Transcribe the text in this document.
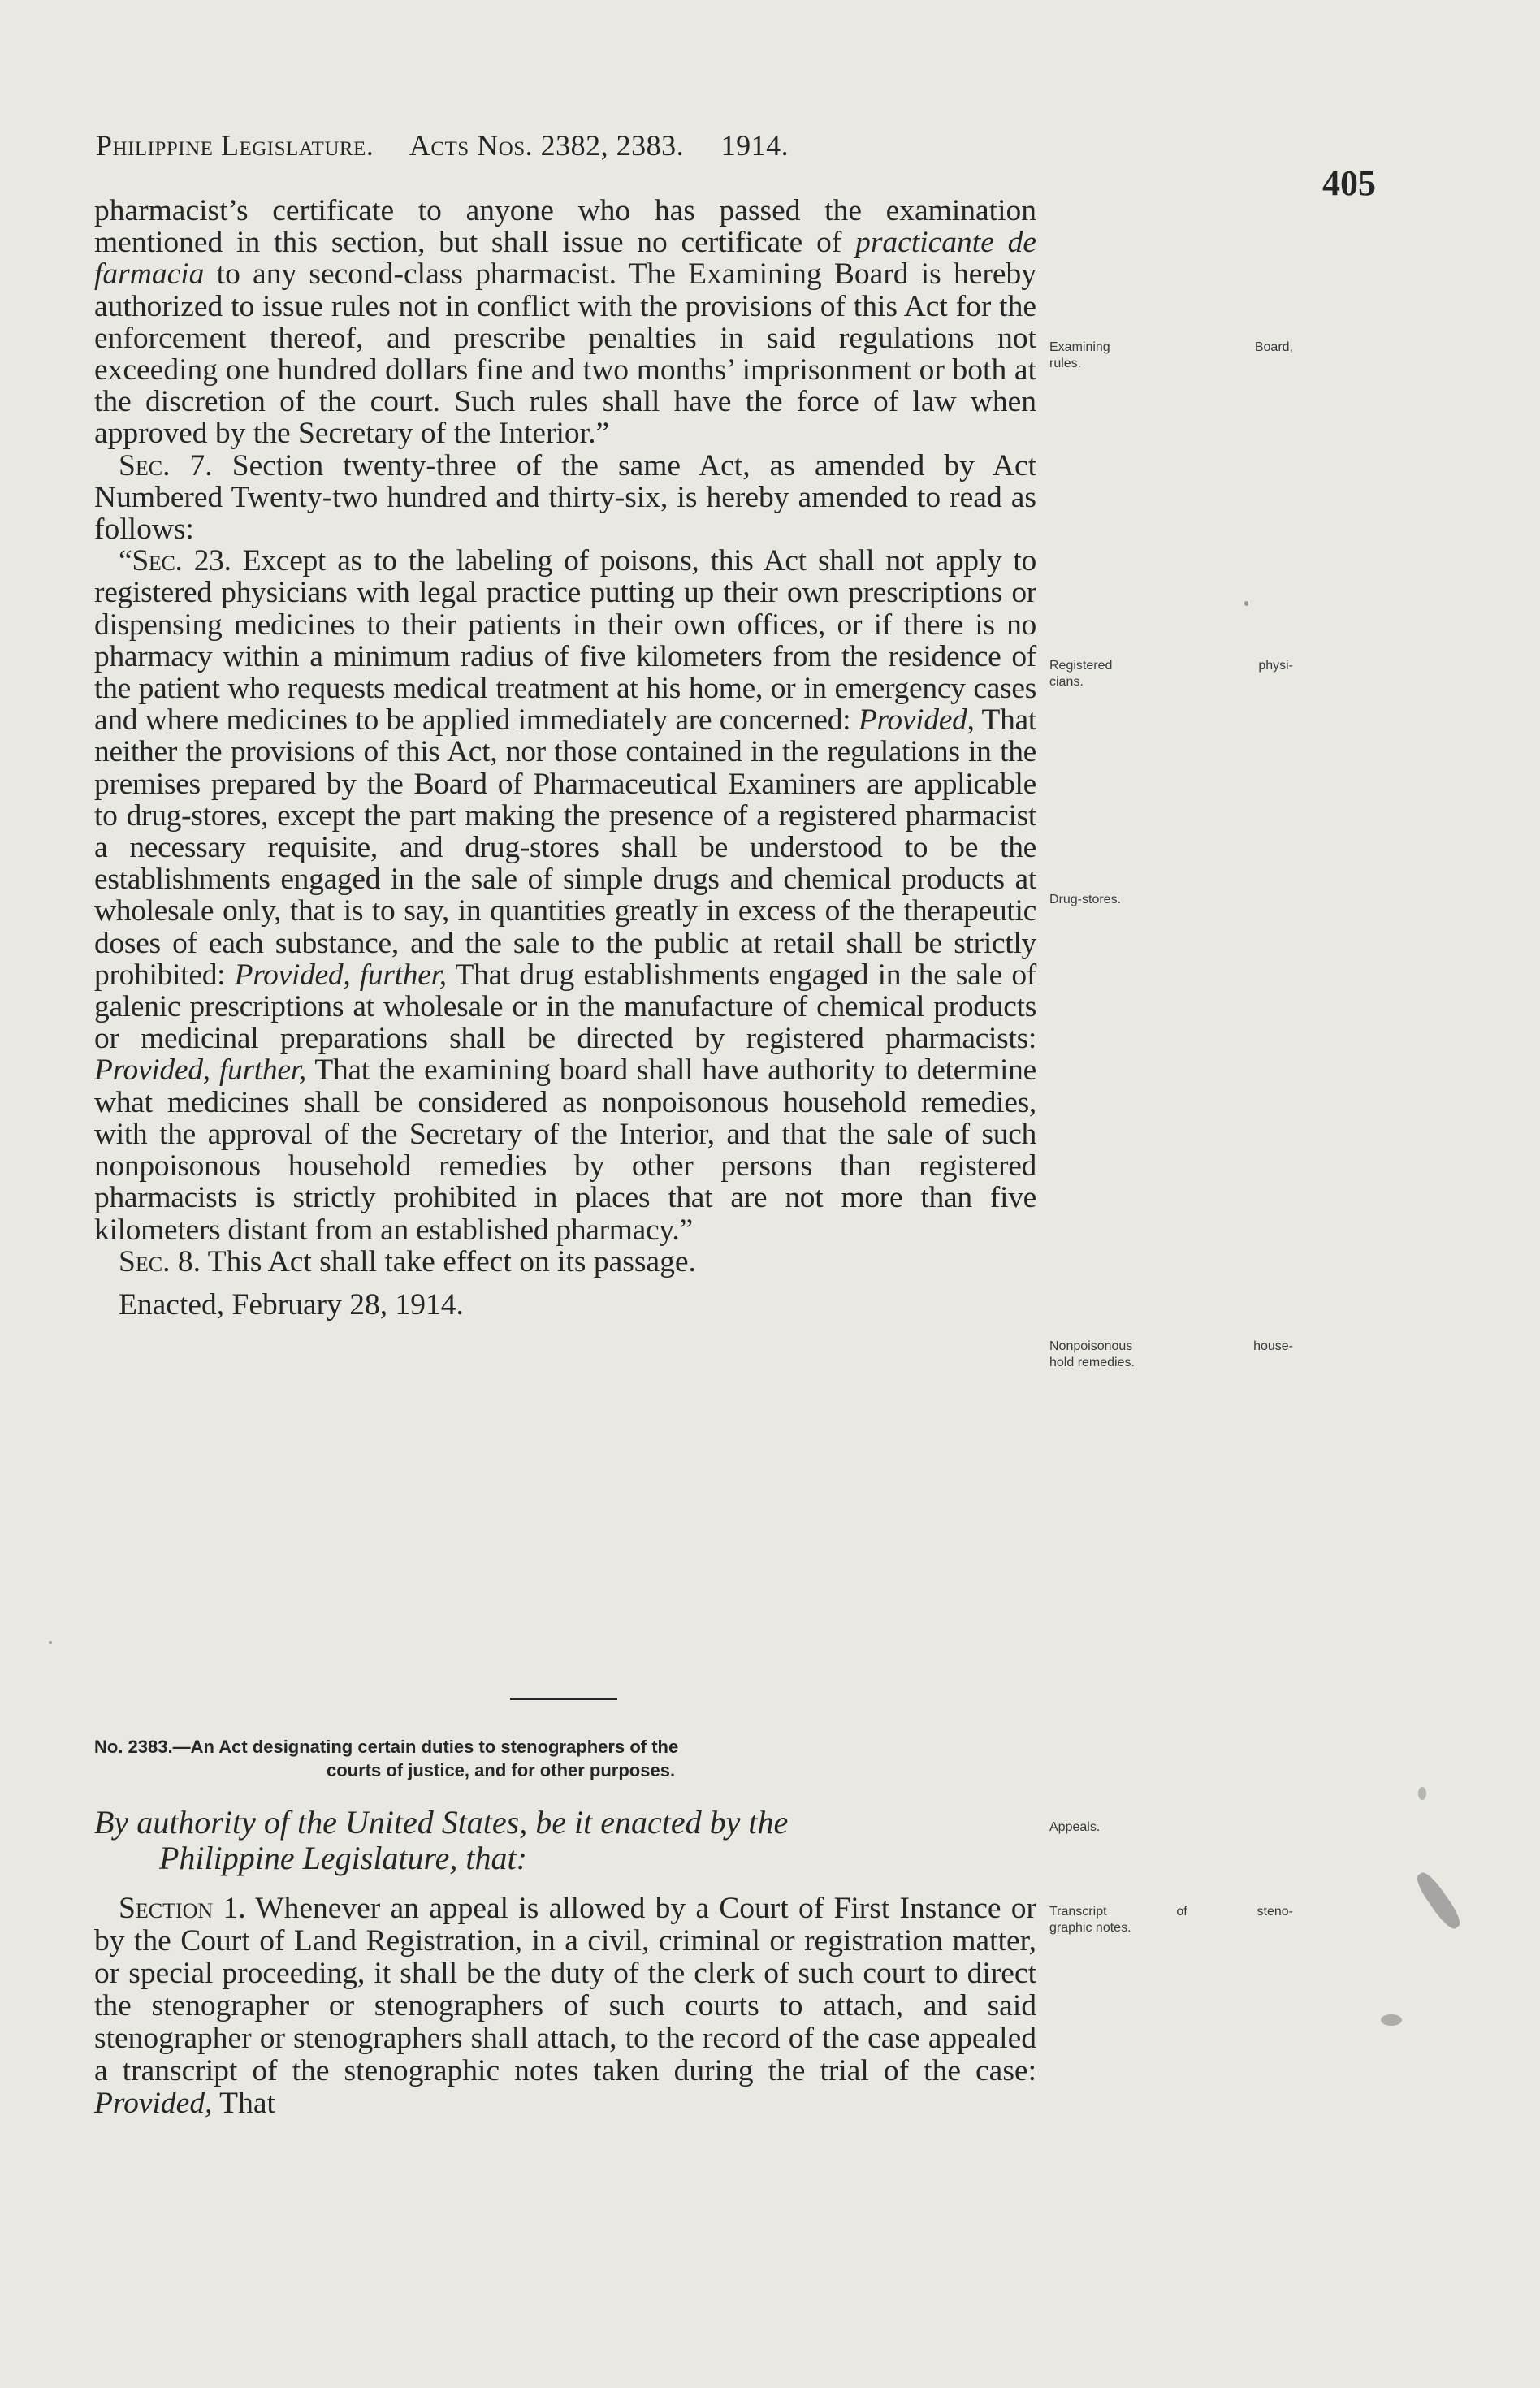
Philippine Legislature. Acts Nos. 2382, 2383. 1914.
405

pharmacist’s certificate to anyone who has passed the examination mentioned in this section, but shall issue no certificate of practicante de farmacia to any second-class pharmacist. The Examining Board is hereby authorized to issue rules not in conflict with the provisions of this Act for the enforcement thereof, and prescribe penalties in said regulations not exceeding one hundred dollars fine and two months’ imprisonment or both at the discretion of the court. Such rules shall have the force of law when approved by the Secretary of the Interior.”

Sec. 7. Section twenty-three of the same Act, as amended by Act Numbered Twenty-two hundred and thirty-six, is hereby amended to read as follows:

“Sec. 23. Except as to the labeling of poisons, this Act shall not apply to registered physicians with legal practice putting up their own prescriptions or dispensing medicines to their patients in their own offices, or if there is no pharmacy within a minimum radius of five kilometers from the residence of the patient who requests medical treatment at his home, or in emergency cases and where medicines to be applied immediately are concerned: Provided, That neither the provisions of this Act, nor those contained in the regulations in the premises prepared by the Board of Pharmaceutical Examiners are applicable to drug-stores, except the part making the presence of a registered pharmacist a necessary requisite, and drug-stores shall be understood to be the establishments engaged in the sale of simple drugs and chemical products at wholesale only, that is to say, in quantities greatly in excess of the therapeutic doses of each substance, and the sale to the public at retail shall be strictly prohibited: Provided, further, That drug establishments engaged in the sale of galenic prescriptions at wholesale or in the manufacture of chemical products or medicinal preparations shall be directed by registered pharmacists: Provided, further, That the examining board shall have authority to determine what medicines shall be considered as nonpoisonous household remedies, with the approval of the Secretary of the Interior, and that the sale of such nonpoisonous household remedies by other persons than registered pharmacists is strictly prohibited in places that are not more than five kilometers distant from an established pharmacy.”

Sec. 8. This Act shall take effect on its passage.

Enacted, February 28, 1914.

No. 2383.—An Act designating certain duties to stenographers of the
courts of justice, and for other purposes.
By authority of the United States, be it enacted by the
Philippine Legislature, that:

Section 1. Whenever an appeal is allowed by a Court of First Instance or by the Court of Land Registration, in a civil, criminal or registration matter, or special proceeding, it shall be the duty of the clerk of such court to direct the stenographer or stenographers of such courts to attach, and said stenographer or stenographers shall attach, to the record of the case appealed a transcript of the stenographic notes taken during the trial of the case: Provided, That

Examining Board,
rules.
Registered physi-
cians.
Drug-stores.
Nonpoisonous house-
hold remedies.
Appeals.
Transcript of steno-
graphic notes.
